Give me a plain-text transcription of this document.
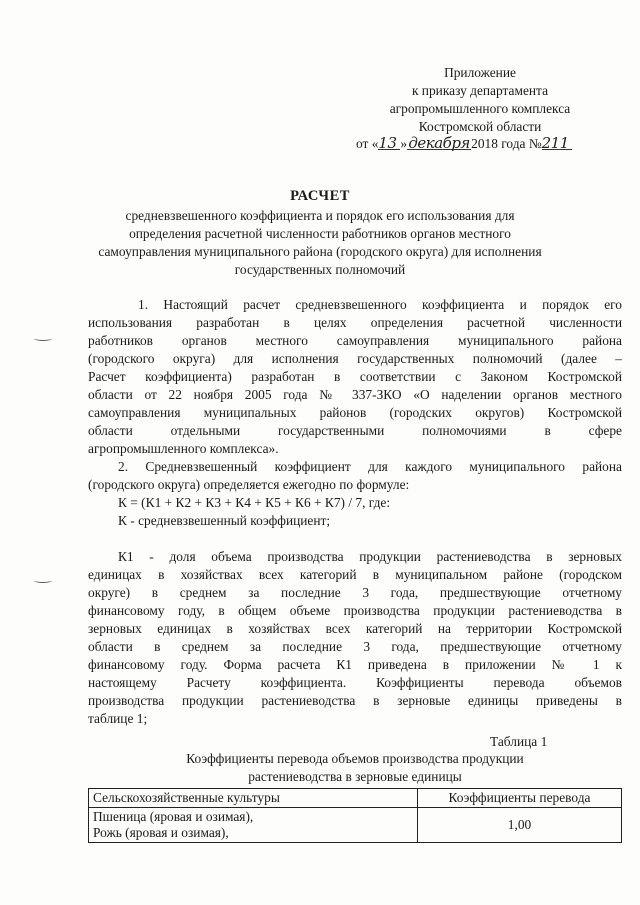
Приложение
к приказу департамента
агропромышленного комплекса
Костромской области
от «13 »декабря2018 года №211
РАСЧЕТ
средневзвешенного коэффициента и порядок его использования для
определения расчетной численности работников органов местного
самоуправления муниципального района (городского округа) для исполнения
государственных полномочий
1. Настоящий расчет средневзвешенного коэффициента и порядок его
использования разработан в целях определения расчетной численности
работников органов местного самоуправления муниципального района
(городского округа) для исполнения государственных полномочий (далее –
Расчет коэффициента) разработан в соответствии с Законом Костромской
области от 22 ноября 2005 года № 337-ЗКО «О наделении органов местного
самоуправления муниципальных районов (городских округов) Костромской
области отдельными государственными полномочиями в сфере
агропромышленного комплекса».
2. Средневзвешенный коэффициент для каждого муниципального района
(городского округа) определяется ежегодно по формуле:
К = (К1 + К2 + К3 + К4 + К5 + К6 + К7) / 7, где:
К - средневзвешенный коэффициент;
К1 - доля объема производства продукции растениеводства в зерновых
единицах в хозяйствах всех категорий в муниципальном районе (городском
округе) в среднем за последние 3 года, предшествующие отчетному
финансовому году, в общем объеме производства продукции растениеводства в
зерновых единицах в хозяйствах всех категорий на территории Костромской
области в среднем за последние 3 года, предшествующие отчетному
финансовому году. Форма расчета К1 приведена в приложении № 1 к
настоящему Расчету коэффициента. Коэффициенты перевода объемов
производства продукции растениеводства в зерновые единицы приведены в
таблице 1;
Таблица 1
Коэффициенты перевода объемов производства продукции
растениеводства в зерновые единицы
Сельскохозяйственные культуры	Коэффициенты перевода

Пшеница (яровая и озимая),
Рожь (яровая и озимая),	1,00
